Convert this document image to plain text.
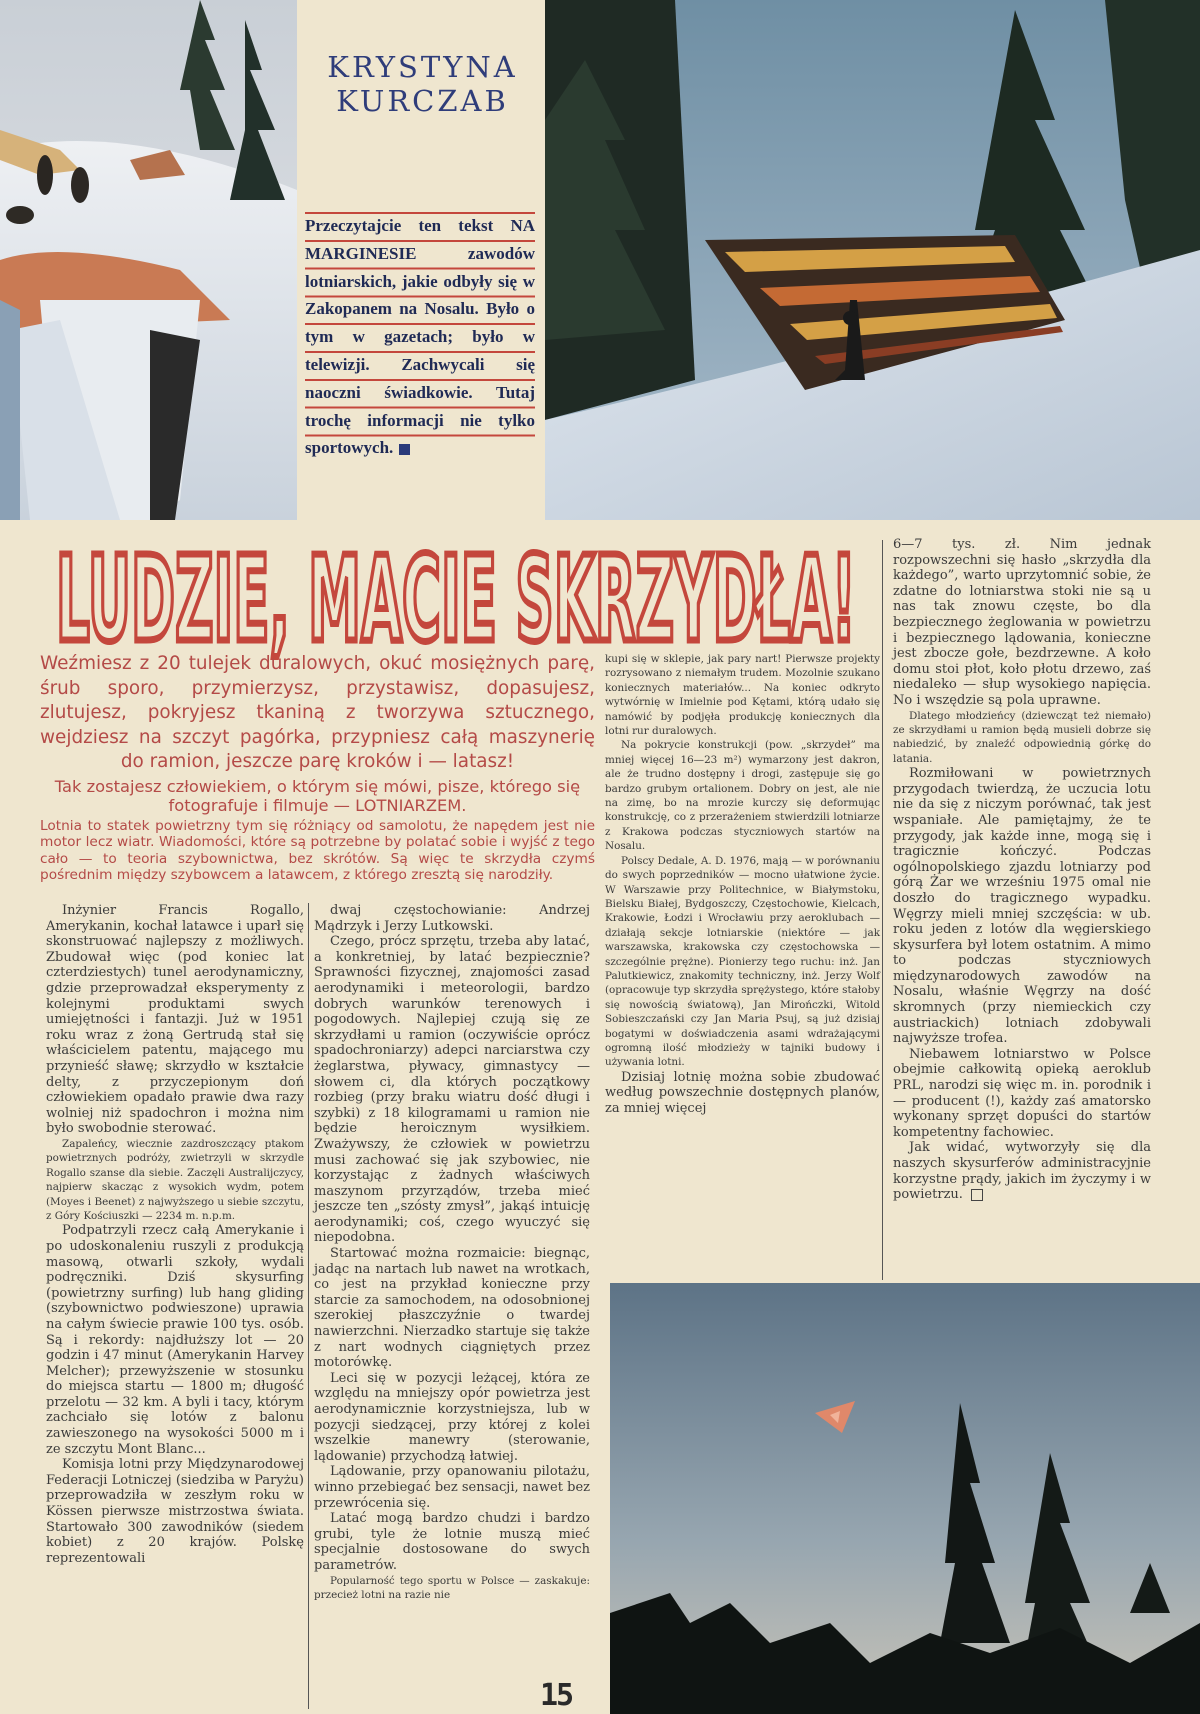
KRYSTYNA
KURCZAB
Przeczytajcie ten tekst NA MARGINESIE zawodów lotniarskich, jakie odbyły się w Zakopanem na Nosalu. Było o tym w gazetach; było w telewizji. Zachwycali się naoczni świadkowie. Tutaj trochę informacji nie tylko sportowych.
LUDZIE, MACIE SKRZYDŁA!

Weźmiesz z 20 tulejek duralowych, okuć mosiężnych parę, śrub sporo, przymierzysz, przystawisz, dopasujesz, zlutujesz, pokryjesz tkaniną z tworzywa sztucznego, wejdziesz na szczyt pagórka, przypniesz całą maszynerię do ramion, jeszcze parę kroków i — latasz!

Tak zostajesz człowiekiem, o którym się mówi, pisze, którego się fotografuje i filmuje — LOTNIARZEM.

Lotnia to statek powietrzny tym się różniący od samolotu, że napędem jest nie motor lecz wiatr. Wiadomości, które są potrzebne by polatać sobie i wyjść z tego cało — to teoria szybownictwa, bez skrótów. Są więc te skrzydła czymś pośrednim między szybowcem a latawcem, z którego zresztą się narodziły.

Inżynier Francis Rogallo, Amerykanin, kochał latawce i uparł się skonstruować najlepszy z możliwych. Zbudował więc (pod koniec lat czterdziestych) tunel aerodynamiczny, gdzie przeprowadzał eksperymenty z kolejnymi produktami swych umiejętności i fantazji. Już w 1951 roku wraz z żoną Gertrudą stał się właścicielem patentu, mającego mu przynieść sławę; skrzydło w kształcie delty, z przyczepionym doń człowiekiem opadało prawie dwa razy wolniej niż spadochron i można nim było swobodnie sterować.

Zapaleńcy, wiecznie zazdroszczący ptakom powietrznych podróży, zwietrzyli w skrzydle Rogallo szanse dla siebie. Zaczęli Australijczycy, najpierw skacząc z wysokich wydm, potem (Moyes i Beenet) z najwyższego u siebie szczytu, z Góry Kościuszki — 2234 m. n.p.m.

Podpatrzyli rzecz całą Amerykanie i po udoskonaleniu ruszyli z produkcją masową, otwarli szkoły, wydali podręczniki. Dziś skysurfing (powietrzny surfing) lub hang gliding (szybownictwo podwieszone) uprawia na całym świecie prawie 100 tys. osób. Są i rekordy: najdłuższy lot — 20 godzin i 47 minut (Amerykanin Harvey Melcher); przewyższenie w stosunku do miejsca startu — 1800 m; długość przelotu — 32 km. A byli i tacy, którym zachciało się lotów z balonu zawieszonego na wysokości 5000 m i ze szczytu Mont Blanc...

Komisja lotni przy Międzynarodowej Federacji Lotniczej (siedziba w Paryżu) przeprowadziła w zeszłym roku w Kössen pierwsze mistrzostwa świata. Startowało 300 zawodników (siedem kobiet) z 20 krajów. Polskę reprezentowali

dwaj częstochowianie: Andrzej Mądrzyk i Jerzy Lutkowski.

Czego, prócz sprzętu, trzeba aby latać, a konkretniej, by latać bezpiecznie? Sprawności fizycznej, znajomości zasad aerodynamiki i meteorologii, bardzo dobrych warunków terenowych i pogodowych. Najlepiej czują się ze skrzydłami u ramion (oczywiście oprócz spadochroniarzy) adepci narciarstwa czy żeglarstwa, pływacy, gimnastycy — słowem ci, dla których początkowy rozbieg (przy braku wiatru dość długi i szybki) z 18 kilogramami u ramion nie będzie heroicznym wysiłkiem. Zważywszy, że człowiek w powietrzu musi zachować się jak szybowiec, nie korzystając z żadnych właściwych maszynom przyrządów, trzeba mieć jeszcze ten „szósty zmysł”, jakąś intuicję aerodynamiki; coś, czego wyuczyć się niepodobna.

Startować można rozmaicie: biegnąc, jadąc na nartach lub nawet na wrotkach, co jest na przykład konieczne przy starcie za samochodem, na odosobnionej szerokiej płaszczyźnie o twardej nawierzchni. Nierzadko startuje się także z nart wodnych ciągniętych przez motorówkę.

Leci się w pozycji leżącej, która ze względu na mniejszy opór powietrza jest aerodynamicznie korzystniejsza, lub w pozycji siedzącej, przy której z kolei wszelkie manewry (sterowanie, lądowanie) przychodzą łatwiej.

Lądowanie, przy opanowaniu pilotażu, winno przebiegać bez sensacji, nawet bez przewrócenia się.

Latać mogą bardzo chudzi i bardzo grubi, tyle że lotnie muszą mieć specjalnie dostosowane do swych parametrów.

Popularność tego sportu w Polsce — zaskakuje: przecież lotni na razie nie

kupi się w sklepie, jak pary nart! Pierwsze projekty rozrysowano z niemałym trudem. Mozolnie szukano koniecznych materiałów... Na koniec odkryto wytwórnię w Imielnie pod Kętami, którą udało się namówić by podjęła produkcję koniecznych dla lotni rur duralowych.

Na pokrycie konstrukcji (pow. „skrzydeł” ma mniej więcej 16—23 m²) wymarzony jest dakron, ale że trudno dostępny i drogi, zastępuje się go bardzo grubym ortalionem. Dobry on jest, ale nie na zimę, bo na mrozie kurczy się deformując konstrukcję, co z przerażeniem stwierdzili lotniarze z Krakowa podczas styczniowych startów na Nosalu.

Polscy Dedale, A. D. 1976, mają — w porównaniu do swych poprzedników — mocno ułatwione życie. W Warszawie przy Politechnice, w Białymstoku, Bielsku Białej, Bydgoszczy, Częstochowie, Kielcach, Krakowie, Łodzi i Wrocławiu przy aeroklubach — działają sekcje lotniarskie (niektóre — jak warszawska, krakowska czy częstochowska — szczególnie prężne). Pionierzy tego ruchu: inż. Jan Palutkiewicz, znakomity techniczny, inż. Jerzy Wolf (opracowuje typ skrzydła sprężystego, które stałoby się nowością światową), Jan Mirończki, Witold Sobieszczański czy Jan Maria Psuj, są już dzisiaj bogatymi w doświadczenia asami wdrażającymi ogromną ilość młodzieży w tajniki budowy i używania lotni.

Dzisiaj lotnię można sobie zbudować według powszechnie dostępnych planów, za mniej więcej

6—7 tys. zł. Nim jednak rozpowszechni się hasło „skrzydła dla każdego”, warto uprzytomnić sobie, że zdatne do lotniarstwa stoki nie są u nas tak znowu częste, bo dla bezpiecznego żeglowania w powietrzu i bezpiecznego lądowania, konieczne jest zbocze gołe, bezdrzewne. A koło domu stoi płot, koło płotu drzewo, zaś niedaleko — słup wysokiego napięcia. No i wszędzie są pola uprawne.

Dlatego młodzieńcy (dziewcząt też niemało) ze skrzydłami u ramion będą musieli dobrze się nabiedzić, by znaleźć odpowiednią górkę do latania.

Rozmiłowani w powietrznych przygodach twierdzą, że uczucia lotu nie da się z niczym porównać, tak jest wspaniałe. Ale pamiętajmy, że te przygody, jak każde inne, mogą się i tragicznie kończyć. Podczas ogólnopolskiego zjazdu lotniarzy pod górą Żar we wrześniu 1975 omal nie doszło do tragicznego wypadku. Węgrzy mieli mniej szczęścia: w ub. roku jeden z lotów dla węgierskiego skysurfera był lotem ostatnim. A mimo to podczas styczniowych międzynarodowych zawodów na Nosalu, właśnie Węgrzy na dość skromnych (przy niemieckich czy austriackich) lotniach zdobywali najwyższe trofea.

Niebawem lotniarstwo w Polsce obejmie całkowitą opieką aeroklub PRL, narodzi się więc m. in. porodnik i — producent (!), każdy zaś amatorsko wykonany sprzęt dopuści do startów kompetentny fachowiec.

Jak widać, wytworzyły się dla naszych skysurferów administracyjnie korzystne prądy, jakich im życzymy i w powietrzu.

15
